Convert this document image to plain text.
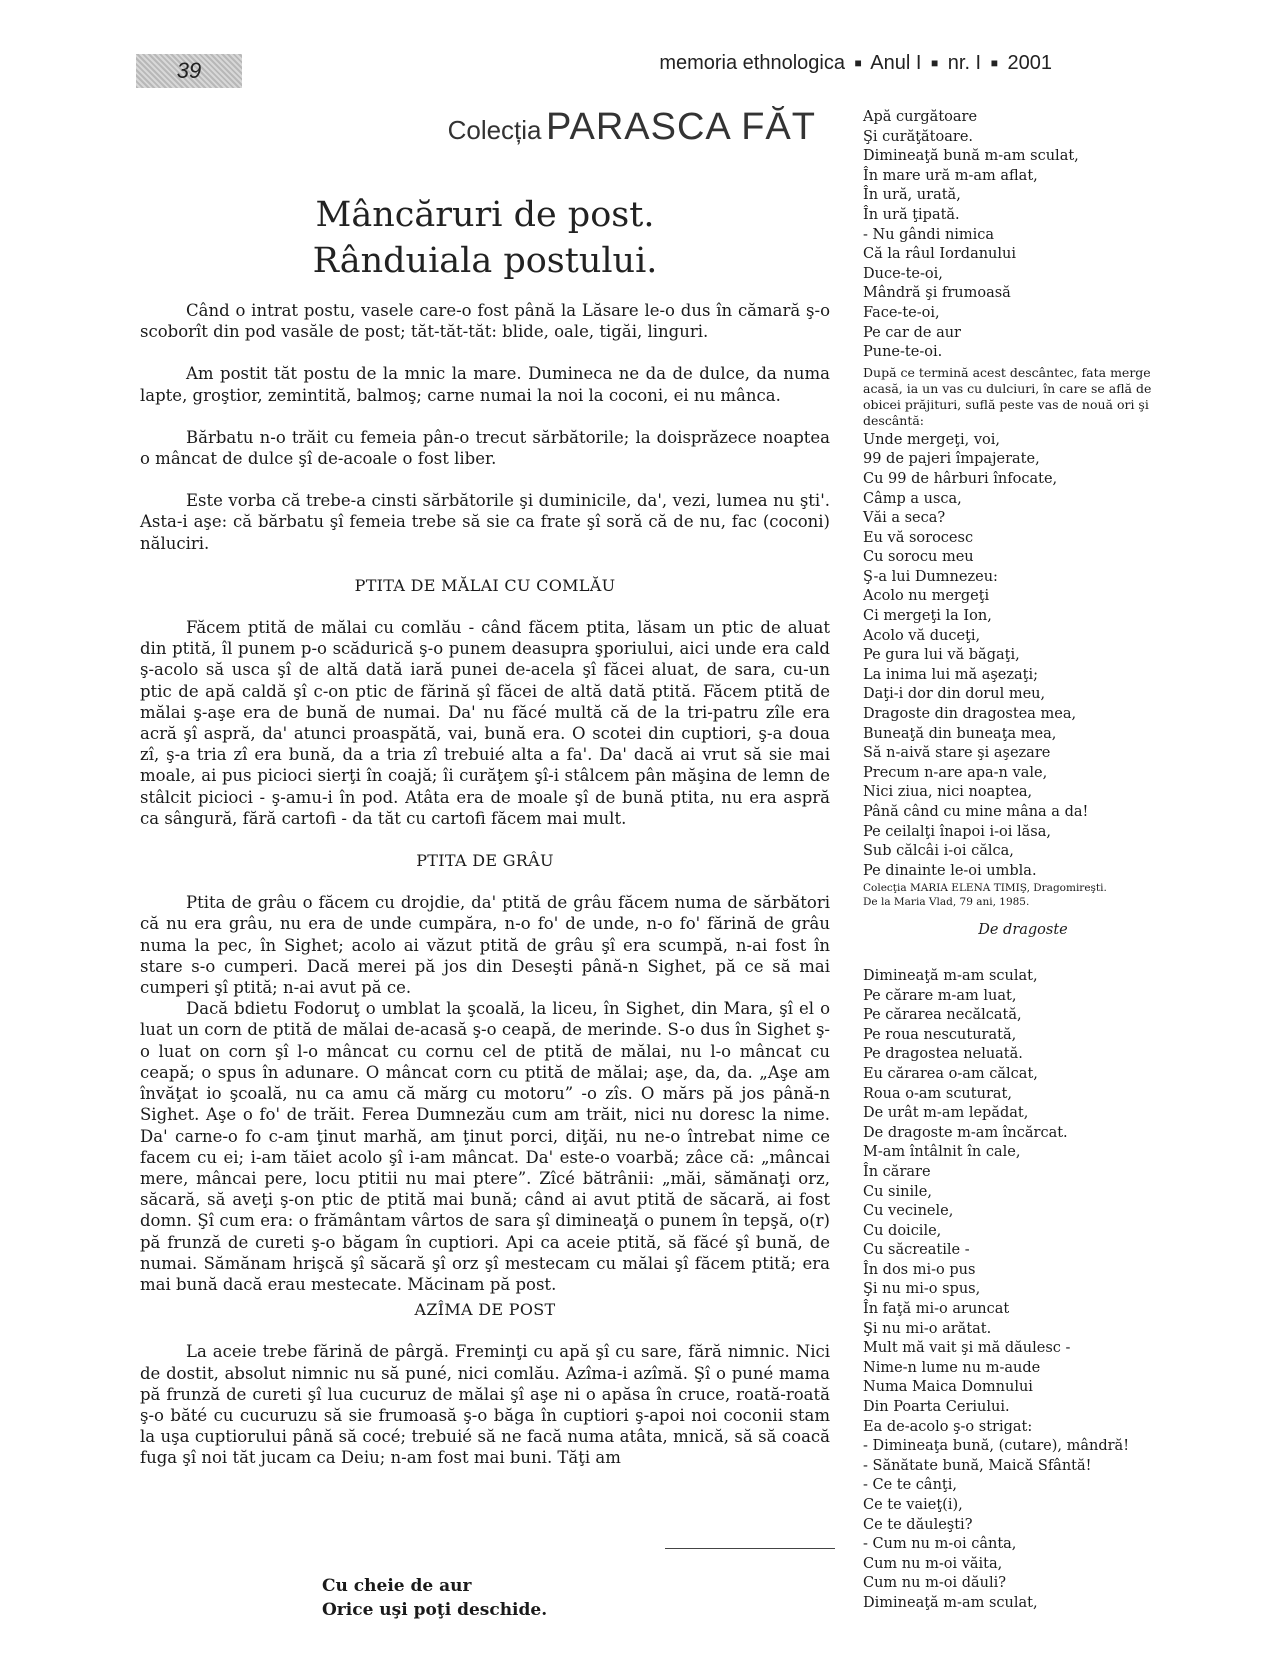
39	memoria ethnologica ■ Anul I ■ nr. I ■ 2001
Colecția PARASCA FĂT
Mâncăruri de post.
Rânduiala postului.

Când o intrat postu, vasele care-o fost până la Lăsare le-o dus în cămară ş-o scoborît din pod vasăle de post; tăt-tăt-tăt: blide, oale, tigăi, linguri.

Am postit tăt postu de la mnic la mare. Dumineca ne da de dulce, da numa lapte, groştior, zemintită, balmoş; carne numai la noi la coconi, ei nu mânca.

Bărbatu n-o trăit cu femeia pân-o trecut sărbătorile; la doisprăzece noaptea o mâncat de dulce şî de-acoale o fost liber.

Este vorba că trebe-a cinsti sărbătorile şi duminicile, da', vezi, lumea nu şti'. Asta-i aşe: că bărbatu şî femeia trebe să sie ca frate şî soră că de nu, fac (coconi) năluciri.

PTITA DE MĂLAI CU COMLĂU

Făcem ptită de mălai cu comlău - când făcem ptita, lăsam un ptic de aluat din ptită, îl punem p-o scădurică ş-o punem deasupra şporiului, aici unde era cald ş-acolo să usca şî de altă dată iară punei de-acela şî făcei aluat, de sara, cu-un ptic de apă caldă şî c-on ptic de fărină şî făcei de altă dată ptită. Făcem ptită de mălai ş-aşe era de bună de numai. Da' nu făcé multă că de la tri-patru zîle era acră şî aspră, da' atunci proaspătă, vai, bună era. O scotei din cuptiori, ş-a doua zî, ş-a tria zî era bună, da a tria zî trebuié alta a fa'. Da' dacă ai vrut să sie mai moale, ai pus picioci sierţi în coajă; îi curăţem şî-i stâlcem pân măşina de lemn de stâlcit picioci - ş-amu-i în pod. Atâta era de moale şî de bună ptita, nu era aspră ca sângură, fără cartofi - da tăt cu cartofi făcem mai mult.

PTITA DE GRÂU

Ptita de grâu o făcem cu drojdie, da' ptită de grâu făcem numa de sărbători că nu era grâu, nu era de unde cumpăra, n-o fo' de unde, n-o fo' fărină de grâu numa la pec, în Sighet; acolo ai văzut ptită de grâu şî era scumpă, n-ai fost în stare s-o cumperi. Dacă merei pă jos din Deseşti până-n Sighet, pă ce să mai cumperi şî ptită; n-ai avut pă ce.

Dacă bdietu Fodoruţ o umblat la şcoală, la liceu, în Sighet, din Mara, şî el o luat un corn de ptită de mălai de-acasă ş-o ceapă, de merinde. S-o dus în Sighet ş-o luat on corn şî l-o mâncat cu cornu cel de ptită de mălai, nu l-o mâncat cu ceapă; o spus în adunare. O mâncat corn cu ptită de mălai; aşe, da, da. „Aşe am învăţat io şcoală, nu ca amu că mărg cu motoru” -o zîs. O mărs pă jos până-n Sighet. Aşe o fo' de trăit. Ferea Dumnezău cum am trăit, nici nu doresc la nime. Da' carne-o fo c-am ţinut marhă, am ţinut porci, diţăi, nu ne-o întrebat nime ce facem cu ei; i-am tăiet acolo şî i-am mâncat. Da' este-o voarbă; zâce că: „mâncai mere, mâncai pere, locu ptitii nu mai ptere”. Zîcé bătrânii: „măi, sămănaţi orz, săcară, să aveţi ş-on ptic de ptită mai bună; când ai avut ptită de săcară, ai fost domn. Şî cum era: o frământam vârtos de sara şî dimineaţă o punem în tepşă, o(r) pă frunză de cureti ş-o băgam în cuptiori. Api ca aceie ptită, să făcé şî bună, de numai. Sămănam hrişcă şî săcară şî orz şî mestecam cu mălai şî făcem ptită; era mai bună dacă erau mestecate. Măcinam pă post.

AZÎMA DE POST

La aceie trebe fărină de pârgă. Freminţi cu apă şî cu sare, fără nimnic. Nici de dostit, absolut nimnic nu să puné, nici comlău. Azîma-i azîmă. Şî o puné mama pă frunză de cureti şî lua cucuruz de mălai şî aşe ni o apăsa în cruce, roată-roată ş-o băté cu cucuruzu să sie frumoasă ş-o băga în cuptiori ş-apoi noi coconii stam la uşa cuptiorului până să cocé; trebuié să ne facă numa atâta, mnică, să să coacă fuga şî noi tăt jucam ca Deiu; n-am fost mai buni. Tăţi am

Cu cheie de aur
Orice uşi poţi deschide.
Apă curgătoare
Şi curăţătoare.
Dimineaţă bună m-am sculat,
În mare ură m-am aflat,
În ură, urată,
În ură ţipată.
- Nu gândi nimica
Că la râul Iordanului
Duce-te-oi,
Mândră şi frumoasă
Face-te-oi,
Pe car de aur
Pune-te-oi.
După ce termină acest descântec, fata merge acasă, ia un vas cu dulciuri, în care se află de obicei prăjituri, suflă peste vas de nouă ori şi descântă:
Unde mergeţi, voi,
99 de pajeri împajerate,
Cu 99 de hârburi înfocate,
Câmp a usca,
Văi a seca?
Eu vă sorocesc
Cu sorocu meu
Ş-a lui Dumnezeu:
Acolo nu mergeţi
Ci mergeţi la Ion,
Acolo vă duceţi,
Pe gura lui vă băgaţi,
La inima lui mă aşezaţi;
Daţi-i dor din dorul meu,
Dragoste din dragostea mea,
Buneaţă din buneaţa mea,
Să n-aivă stare şi aşezare
Precum n-are apa-n vale,
Nici ziua, nici noaptea,
Până când cu mine mâna a da!
Pe ceilalţi înapoi i-oi lăsa,
Sub călcâi i-oi călca,
Pe dinainte le-oi umbla.
Colecţia MARIA ELENA TIMIŞ, Dragomireşti.
De la Maria Vlad, 79 ani, 1985.
De dragoste
Dimineaţă m-am sculat,
Pe cărare m-am luat,
Pe cărarea necălcată,
Pe roua nescuturată,
Pe dragostea neluată.
Eu cărarea o-am călcat,
Roua o-am scuturat,
De urât m-am lepădat,
De dragoste m-am încărcat.
M-am întâlnit în cale,
În cărare
Cu sinile,
Cu vecinele,
Cu doicile,
Cu săcreatile -
În dos mi-o pus
Şi nu mi-o spus,
În faţă mi-o aruncat
Şi nu mi-o arătat.
Mult mă vait şi mă dăulesc -
Nime-n lume nu m-aude
Numa Maica Domnului
Din Poarta Ceriului.
Ea de-acolo ş-o strigat:
- Dimineaţa bună, (cutare), mândră!
- Sănătate bună, Maică Sfântă!
- Ce te cânţi,
Ce te vaieţ(i),
Ce te dăuleşti?
- Cum nu m-oi cânta,
Cum nu m-oi văita,
Cum nu m-oi dăuli?
Dimineaţă m-am sculat,
